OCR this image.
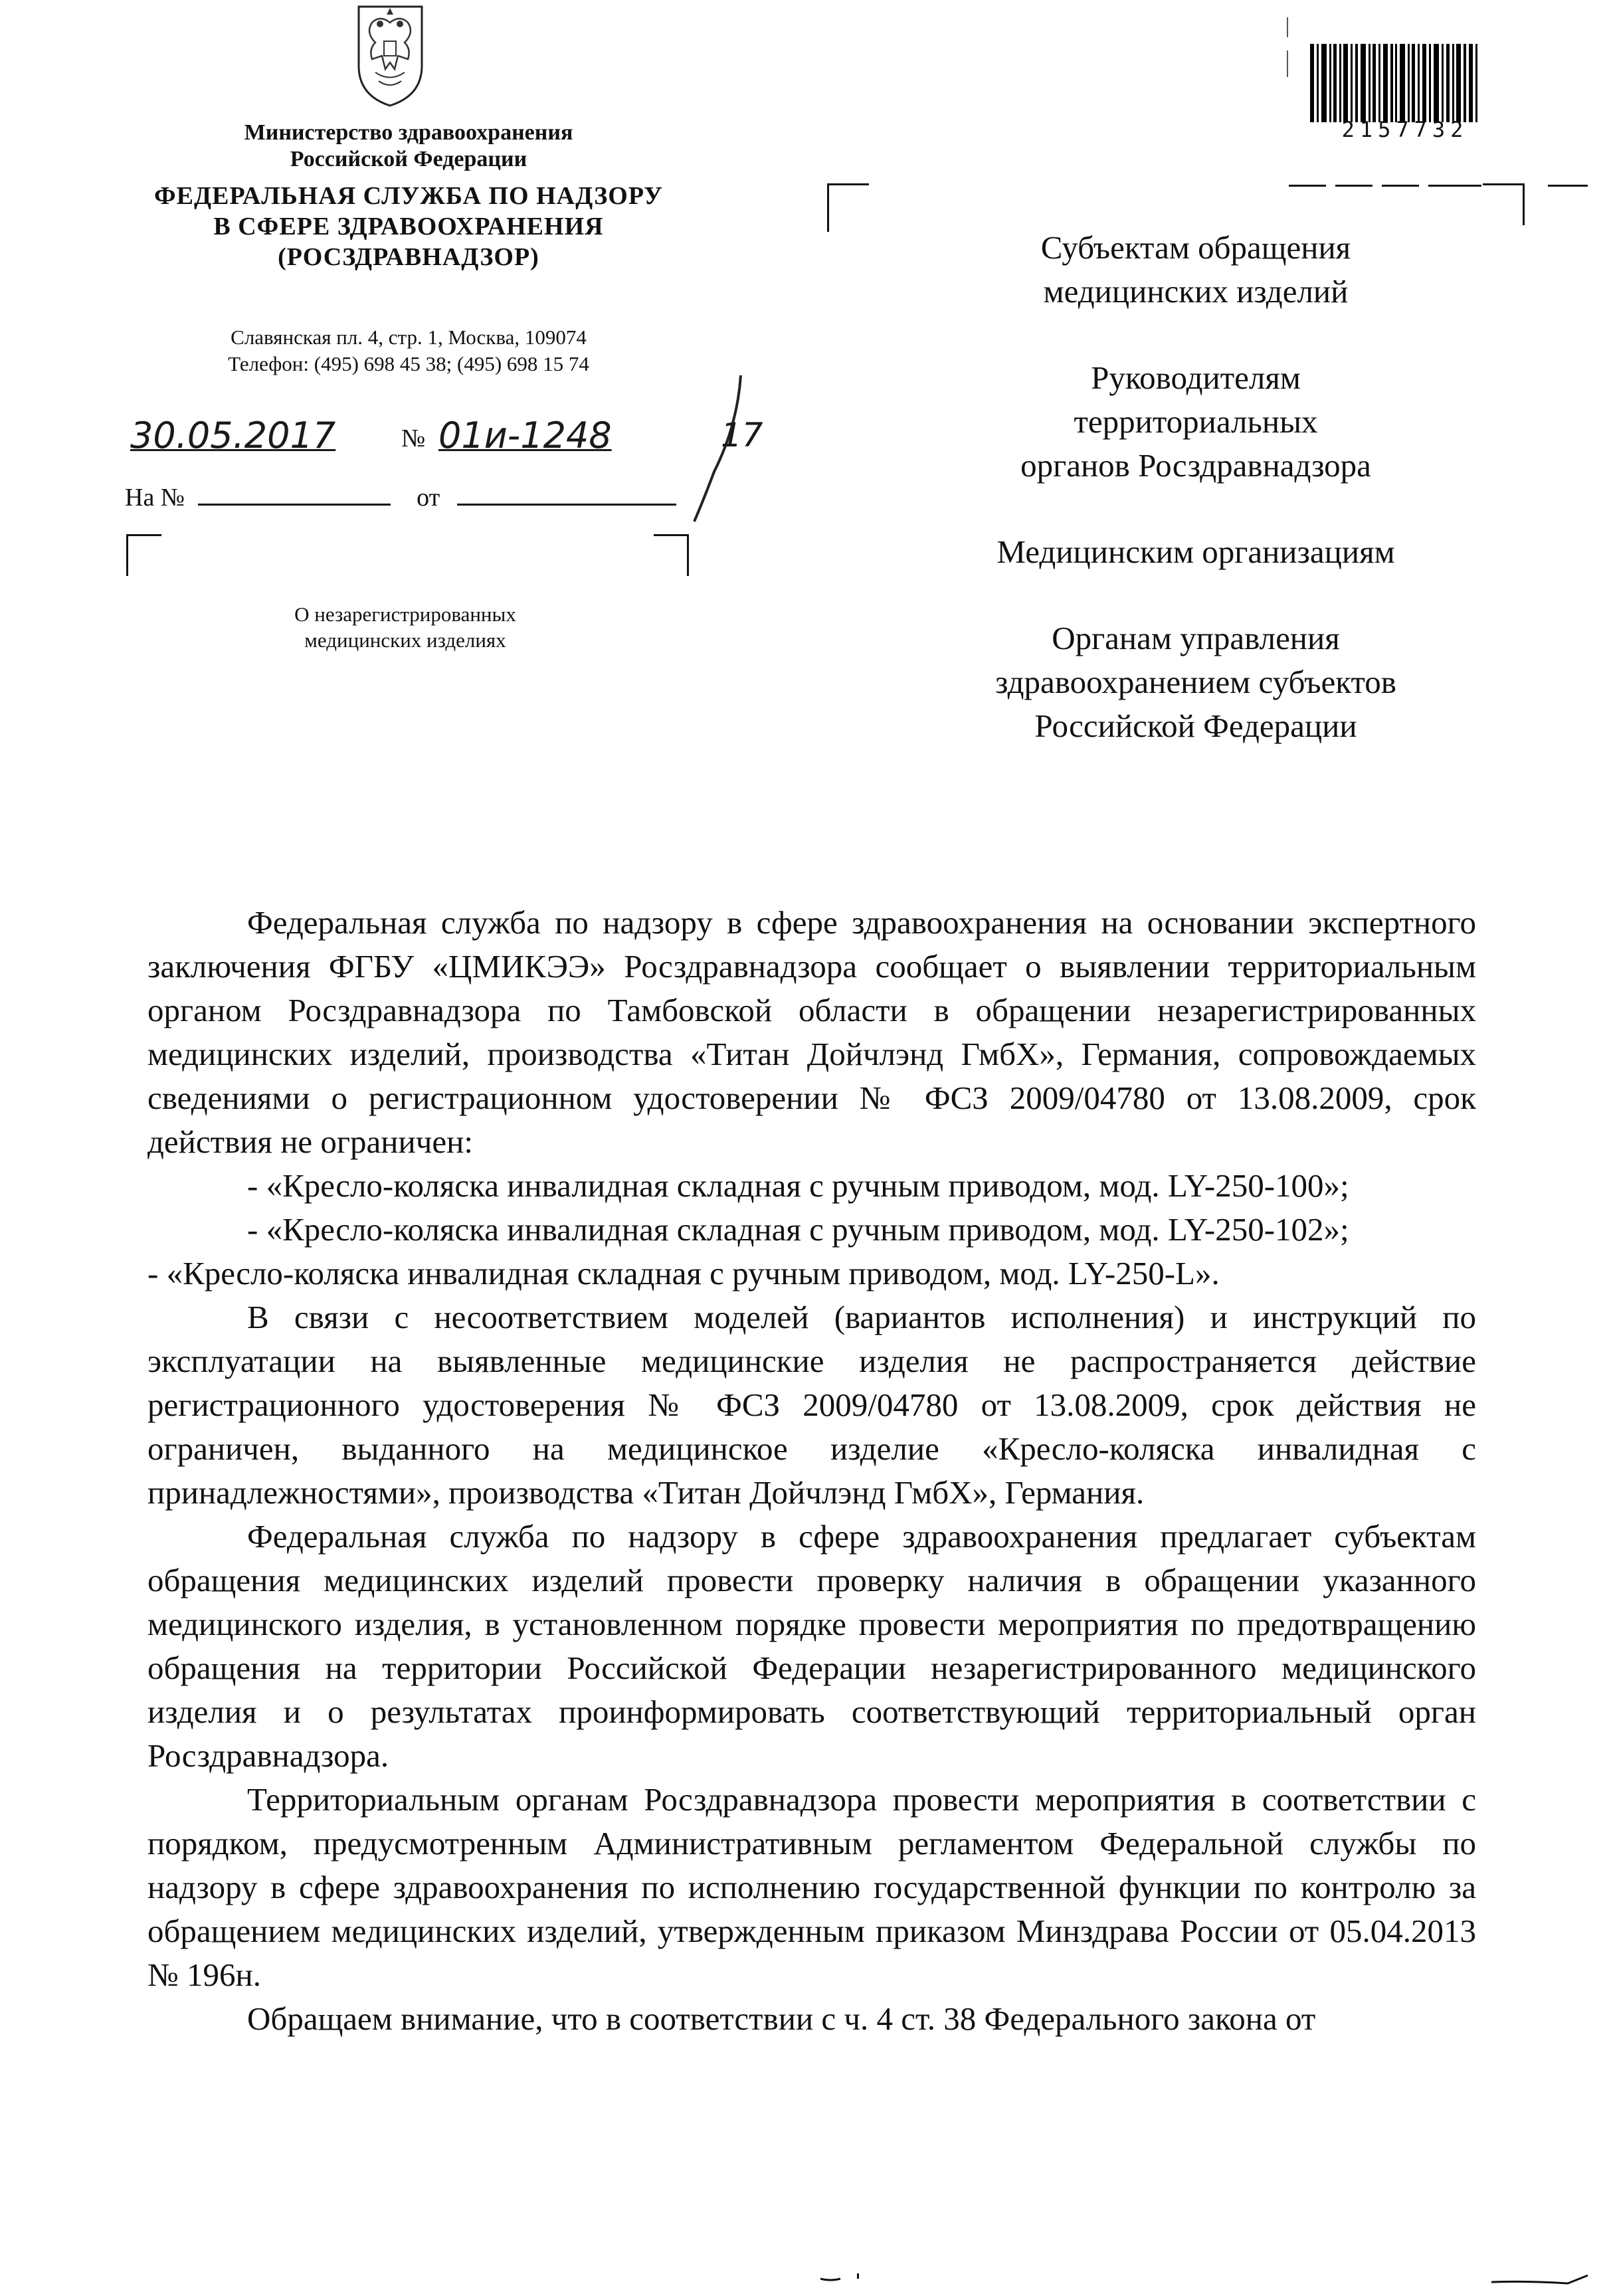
Министерство здравоохранения
Российской Федерации
ФЕДЕРАЛЬНАЯ СЛУЖБА ПО НАДЗОРУ
В СФЕРЕ ЗДРАВООХРАНЕНИЯ
(РОСЗДРАВНАДЗОР)
Славянская пл. 4, стр. 1, Москва, 109074
Телефон: (495) 698 45 38; (495) 698 15 74
30.05.2017	№ 01и-1248	17
На №	от
О незарегистрированных
медицинских изделиях
2157732

Субъектам обращения
медицинских изделий

Руководителям
территориальных
органов Росздравнадзора

Медицинским организациям

Органам управления
здравоохранением субъектов
Российской Федерации

Федеральная служба по надзору в сфере здравоохранения на основании экспертного заключения ФГБУ «ЦМИКЭЭ» Росздравнадзора сообщает о выявлении территориальным органом Росздравнадзора по Тамбовской области в обращении незарегистрированных медицинских изделий, производства «Титан Дойчлэнд ГмбХ», Германия, сопровождаемых сведениями о регистрационном удостоверении № ФСЗ 2009/04780 от 13.08.2009, срок действия не ограничен:

- «Кресло-коляска инвалидная складная с ручным приводом, мод. LY-250-100»;

- «Кресло-коляска инвалидная складная с ручным приводом, мод. LY-250-102»;

- «Кресло-коляска инвалидная складная с ручным приводом, мод. LY-250-L».

В связи с несоответствием моделей (вариантов исполнения) и инструкций по эксплуатации на выявленные медицинские изделия не распространяется действие регистрационного удостоверения № ФСЗ 2009/04780 от 13.08.2009, срок действия не ограничен, выданного на медицинское изделие «Кресло-коляска инвалидная с принадлежностями», производства «Титан Дойчлэнд ГмбХ», Германия.

Федеральная служба по надзору в сфере здравоохранения предлагает субъектам обращения медицинских изделий провести проверку наличия в обращении указанного медицинского изделия, в установленном порядке провести мероприятия по предотвращению обращения на территории Российской Федерации незарегистрированного медицинского изделия и о результатах проинформировать соответствующий территориальный орган Росздравнадзора.

Территориальным органам Росздравнадзора провести мероприятия в соответствии с порядком, предусмотренным Административным регламентом Федеральной службы по надзору в сфере здравоохранения по исполнению государственной функции по контролю за обращением медицинских изделий, утвержденным приказом Минздрава России от 05.04.2013 № 196н.

Обращаем внимание, что в соответствии с ч. 4 ст. 38 Федерального закона от
